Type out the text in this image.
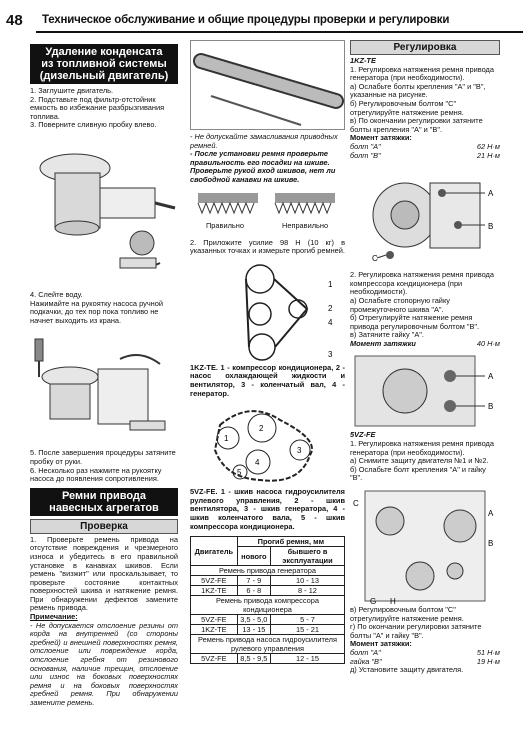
48 Техническое обслуживание и общие процедуры проверки и регулировки
Удаление конденсата
из топливной системы
(дизельный двигатель)

1. Заглушите двигатель.

2. Подставьте под фильтр-отстойник емкость во избежание разбрызгивания топлива.

3. Поверните сливную пробку влево.

4. Слейте воду.

Нажимайте на рукоятку насоса ручной подкачки, до тех пор пока топливо не начнет выходить из крана.

5. После завершения процедуры затяните пробку от руки.

6. Несколько раз нажмите на рукоятку насоса до появления сопротивления.

Ремни привода
навесных агрегатов
Проверка

1. Проверьте ремень привода на отсутствие повреждения и чрезмерного износа и убедитесь в его правильной установке в канавках шкивов. Если ремень "визжит" или проскальзывает, то проверьте состояние контактных поверхностей шкива и натяжение ремня. При обнаружении дефектов замените ремень привода.

Примечание:

- Не допускается отслоение резины от корда на внутренней (со стороны гребней) и внешней поверхностях ремня, отслоение или повреждение корда, отслоение гребня от резинового основания, наличие трещин, отслоение или износ на боковых поверхностях ремня и на боковых поверхностях гребней ремня. При обнаружении замените ремень.

- Не допускайте замасливания приводных ремней.

- После установки ремня проверьте правильность его посадки на шкиве. Проверьте рукой вход шкивов, нет ли свободной канавки на шкиве.

Правильно	Неправильно

2. Приложите усилие 98 Н (10 кг) в указанных точках и измерьте прогиб ремней.

1
2
3
4

1KZ-TE. 1 - компрессор кондиционера, 2 - насос охлаждающей жидкости и вентилятор, 3 - коленчатый вал, 4 - генератор.

1
2
3
4
5

5VZ-FE. 1 - шкив насоса гидроусилителя рулевого управления, 2 - шкив вентилятора, 3 - шкив генератора, 4 - шкив коленчатого вала, 5 - шкив компрессора кондиционера.

Двигатель	Прогиб ремня, мм	
	нового	бывшего в эксплуатации
Ремень привода генератора		
5VZ-FE	7 - 9	10 - 13
1KZ-TE	6 - 8	8 - 12
Ремень привода компрессора кондиционера		
5VZ-FE	3,5 - 5,0	5 - 7
1KZ-TE	13 - 15	15 - 21
Ремень привода насоса гидроусилителя рулевого управления		
5VZ-FE	8,5 - 9,5	12 - 15
Регулировка

1KZ-TE

1. Регулировка натяжения ремня привода генератора (при необходимости).

а) Ослабьте болты крепления "A" и "B", указанные на рисунке.

б) Регулировочным болтом "C" отрегулируйте натяжение ремня.

в) По окончании регулировки затяните болты крепления "A" и "B".

Момент затяжки:

болт "A"	62 Н·м
болт "B"	21 Н·м
A
B
C

2. Регулировка натяжения ремня привода компрессора кондиционера (при необходимости).

а) Ослабьте стопорную гайку промежуточного шкива "A".

б) Отрегулируйте натяжение ремня привода регулировочным болтом "B".

в) Затяните гайку "A".

Момент затяжки	40 Н·м
A
B

5VZ-FE

1. Регулировка натяжения ремня привода генератора (при необходимости).

а) Снимите защиту двигателя №1 и №2.

б) Ослабьте болт крепления "A" и гайку "B".

C
A
B
G H

в) Регулировочным болтом "C" отрегулируйте натяжение ремня.

г) По окончании регулировки затяните болты "A" и гайку "B".

Момент затяжки:

болт "A"	51 Н·м
гайка "B"	19 Н·м

д) Установите защиту двигателя.
